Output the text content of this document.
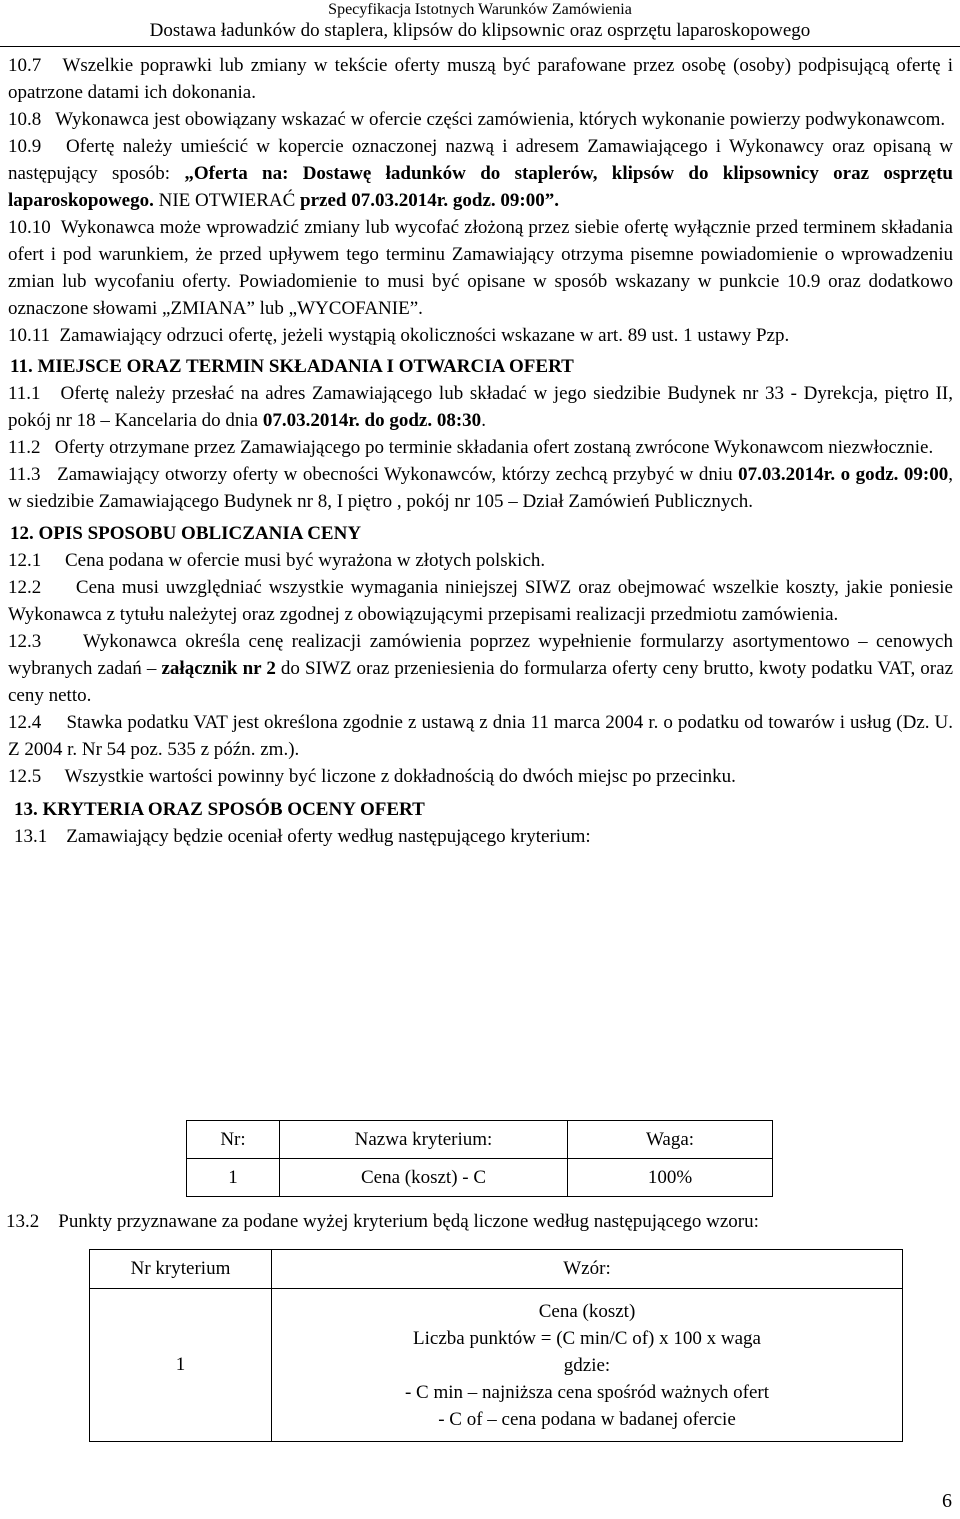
Specyfikacja Istotnych Warunków Zamówienia
Dostawa ładunków do staplera, klipsów do klipsownic oraz osprzętu laparoskopowego
10.7 Wszelkie poprawki lub zmiany w tekście oferty muszą być parafowane przez osobę (osoby) podpisującą ofertę i opatrzone datami ich dokonania.
10.8 Wykonawca jest obowiązany wskazać w ofercie części zamówienia, których wykonanie powierzy podwykonawcom.
10.9 Ofertę należy umieścić w kopercie oznaczonej nazwą i adresem Zamawiającego i Wykonawcy oraz opisaną w następujący sposób: „Oferta na: Dostawę ładunków do staplerów, klipsów do klipsownicy oraz osprzętu laparoskopowego. NIE OTWIERAĆ przed 07.03.2014r. godz. 09:00”.
10.10 Wykonawca może wprowadzić zmiany lub wycofać złożoną przez siebie ofertę wyłącznie przed terminem składania ofert i pod warunkiem, że przed upływem tego terminu Zamawiający otrzyma pisemne powiadomienie o wprowadzeniu zmian lub wycofaniu oferty. Powiadomienie to musi być opisane w sposób wskazany w punkcie 10.9 oraz dodatkowo oznaczone słowami „ZMIANA” lub „WYCOFANIE”.
10.11 Zamawiający odrzuci ofertę, jeżeli wystąpią okoliczności wskazane w art. 89 ust. 1 ustawy Pzp.
11. MIEJSCE ORAZ TERMIN SKŁADANIA I OTWARCIA OFERT
11.1 Ofertę należy przesłać na adres Zamawiającego lub składać w jego siedzibie Budynek nr 33 - Dyrekcja, piętro II, pokój nr 18 – Kancelaria do dnia 07.03.2014r. do godz. 08:30.
11.2 Oferty otrzymane przez Zamawiającego po terminie składania ofert zostaną zwrócone Wykonawcom niezwłocznie.
11.3 Zamawiający otworzy oferty w obecności Wykonawców, którzy zechcą przybyć w dniu 07.03.2014r. o godz. 09:00, w siedzibie Zamawiającego Budynek nr 8, I piętro , pokój nr 105 – Dział Zamówień Publicznych.
12. OPIS SPOSOBU OBLICZANIA CENY
12.1 Cena podana w ofercie musi być wyrażona w złotych polskich.
12.2 Cena musi uwzględniać wszystkie wymagania niniejszej SIWZ oraz obejmować wszelkie koszty, jakie poniesie Wykonawca z tytułu należytej oraz zgodnej z obowiązującymi przepisami realizacji przedmiotu zamówienia.
12.3 Wykonawca określa cenę realizacji zamówienia poprzez wypełnienie formularzy asortymentowo – cenowych wybranych zadań – załącznik nr 2 do SIWZ oraz przeniesienia do formularza oferty ceny brutto, kwoty podatku VAT, oraz ceny netto.
12.4 Stawka podatku VAT jest określona zgodnie z ustawą z dnia 11 marca 2004 r. o podatku od towarów i usług (Dz. U. Z 2004 r. Nr 54 poz. 535 z późn. zm.).
12.5 Wszystkie wartości powinny być liczone z dokładnością do dwóch miejsc po przecinku.
13. KRYTERIA ORAZ SPOSÓB OCENY OFERT
13.1 Zamawiający będzie oceniał oferty według następującego kryterium:
Nr:	Nazwa kryterium:	Waga:
1	Cena (koszt) - C	100%
13.2 Punkty przyznawane za podane wyżej kryterium będą liczone według następującego wzoru:
Nr kryterium	Wzór:
1	Cena (koszt)
Liczba punktów = (C min/C of) x 100 x waga
gdzie:
- C min – najniższa cena spośród ważnych ofert
- C of – cena podana w badanej ofercie
6
